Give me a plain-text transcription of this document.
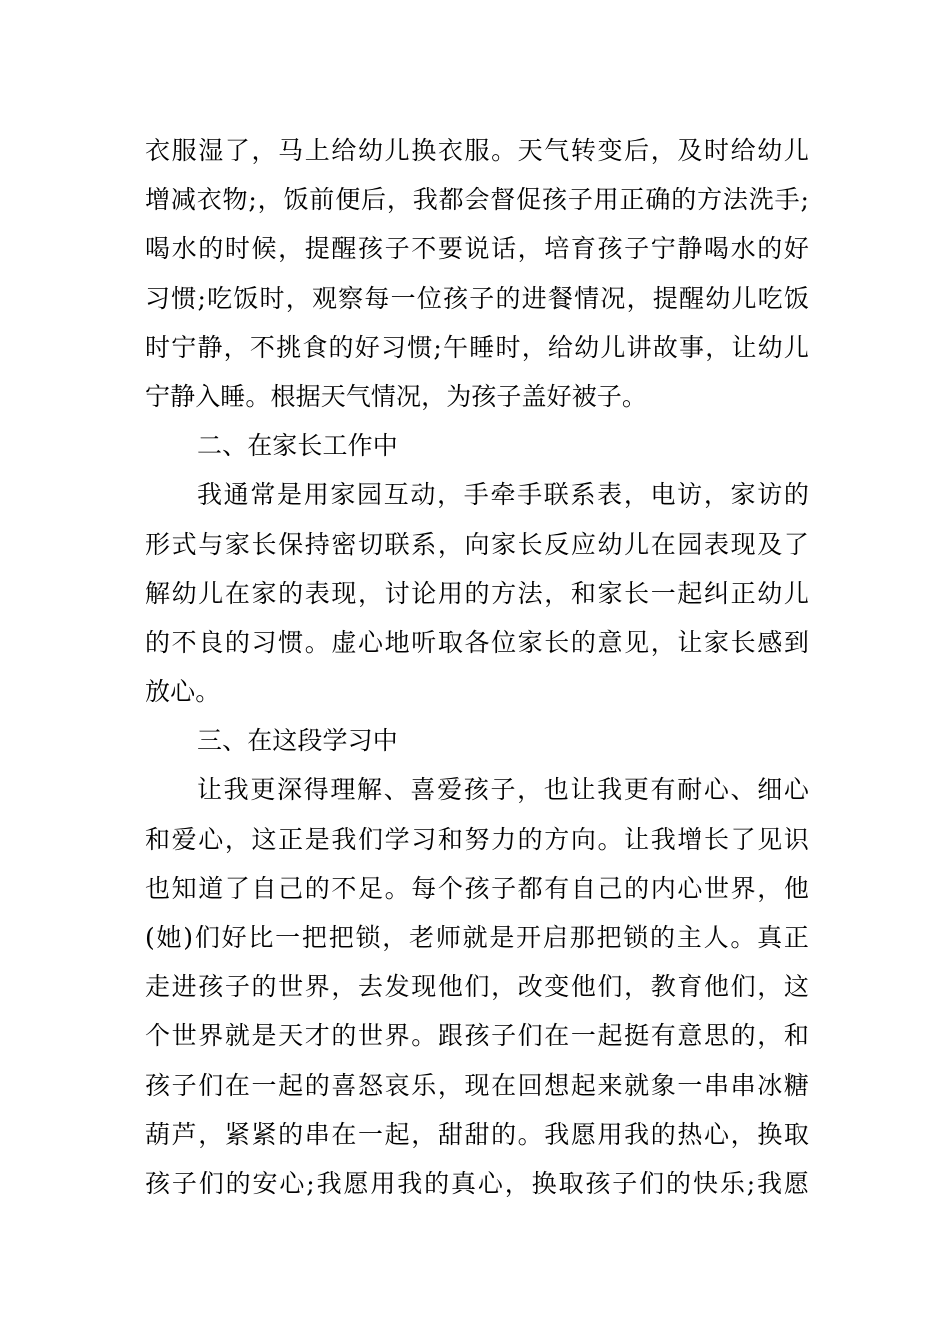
衣服湿了，马上给幼儿换衣服。天气转变后，及时给幼儿
增减衣物;，饭前便后，我都会督促孩子用正确的方法洗手;
喝水的时候，提醒孩子不要说话，培育孩子宁静喝水的好
习惯;吃饭时，观察每一位孩子的进餐情况，提醒幼儿吃饭
时宁静，不挑食的好习惯;午睡时，给幼儿讲故事，让幼儿
宁静入睡。根据天气情况，为孩子盖好被子。
二、在家长工作中
我通常是用家园互动，手牵手联系表，电访，家访的
形式与家长保持密切联系，向家长反应幼儿在园表现及了
解幼儿在家的表现，讨论用的方法，和家长一起纠正幼儿
的不良的习惯。虚心地听取各位家长的意见，让家长感到
放心。
三、在这段学习中
让我更深得理解、喜爱孩子，也让我更有耐心、细心
和爱心，这正是我们学习和努力的方向。让我增长了见识
也知道了自己的不足。每个孩子都有自己的内心世界，他
(她)们好比一把把锁，老师就是开启那把锁的主人。真正
走进孩子的世界，去发现他们，改变他们，教育他们，这
个世界就是天才的世界。跟孩子们在一起挺有意思的，和
孩子们在一起的喜怒哀乐，现在回想起来就象一串串冰糖
葫芦，紧紧的串在一起，甜甜的。我愿用我的热心，换取
孩子们的安心;我愿用我的真心，换取孩子们的快乐;我愿
